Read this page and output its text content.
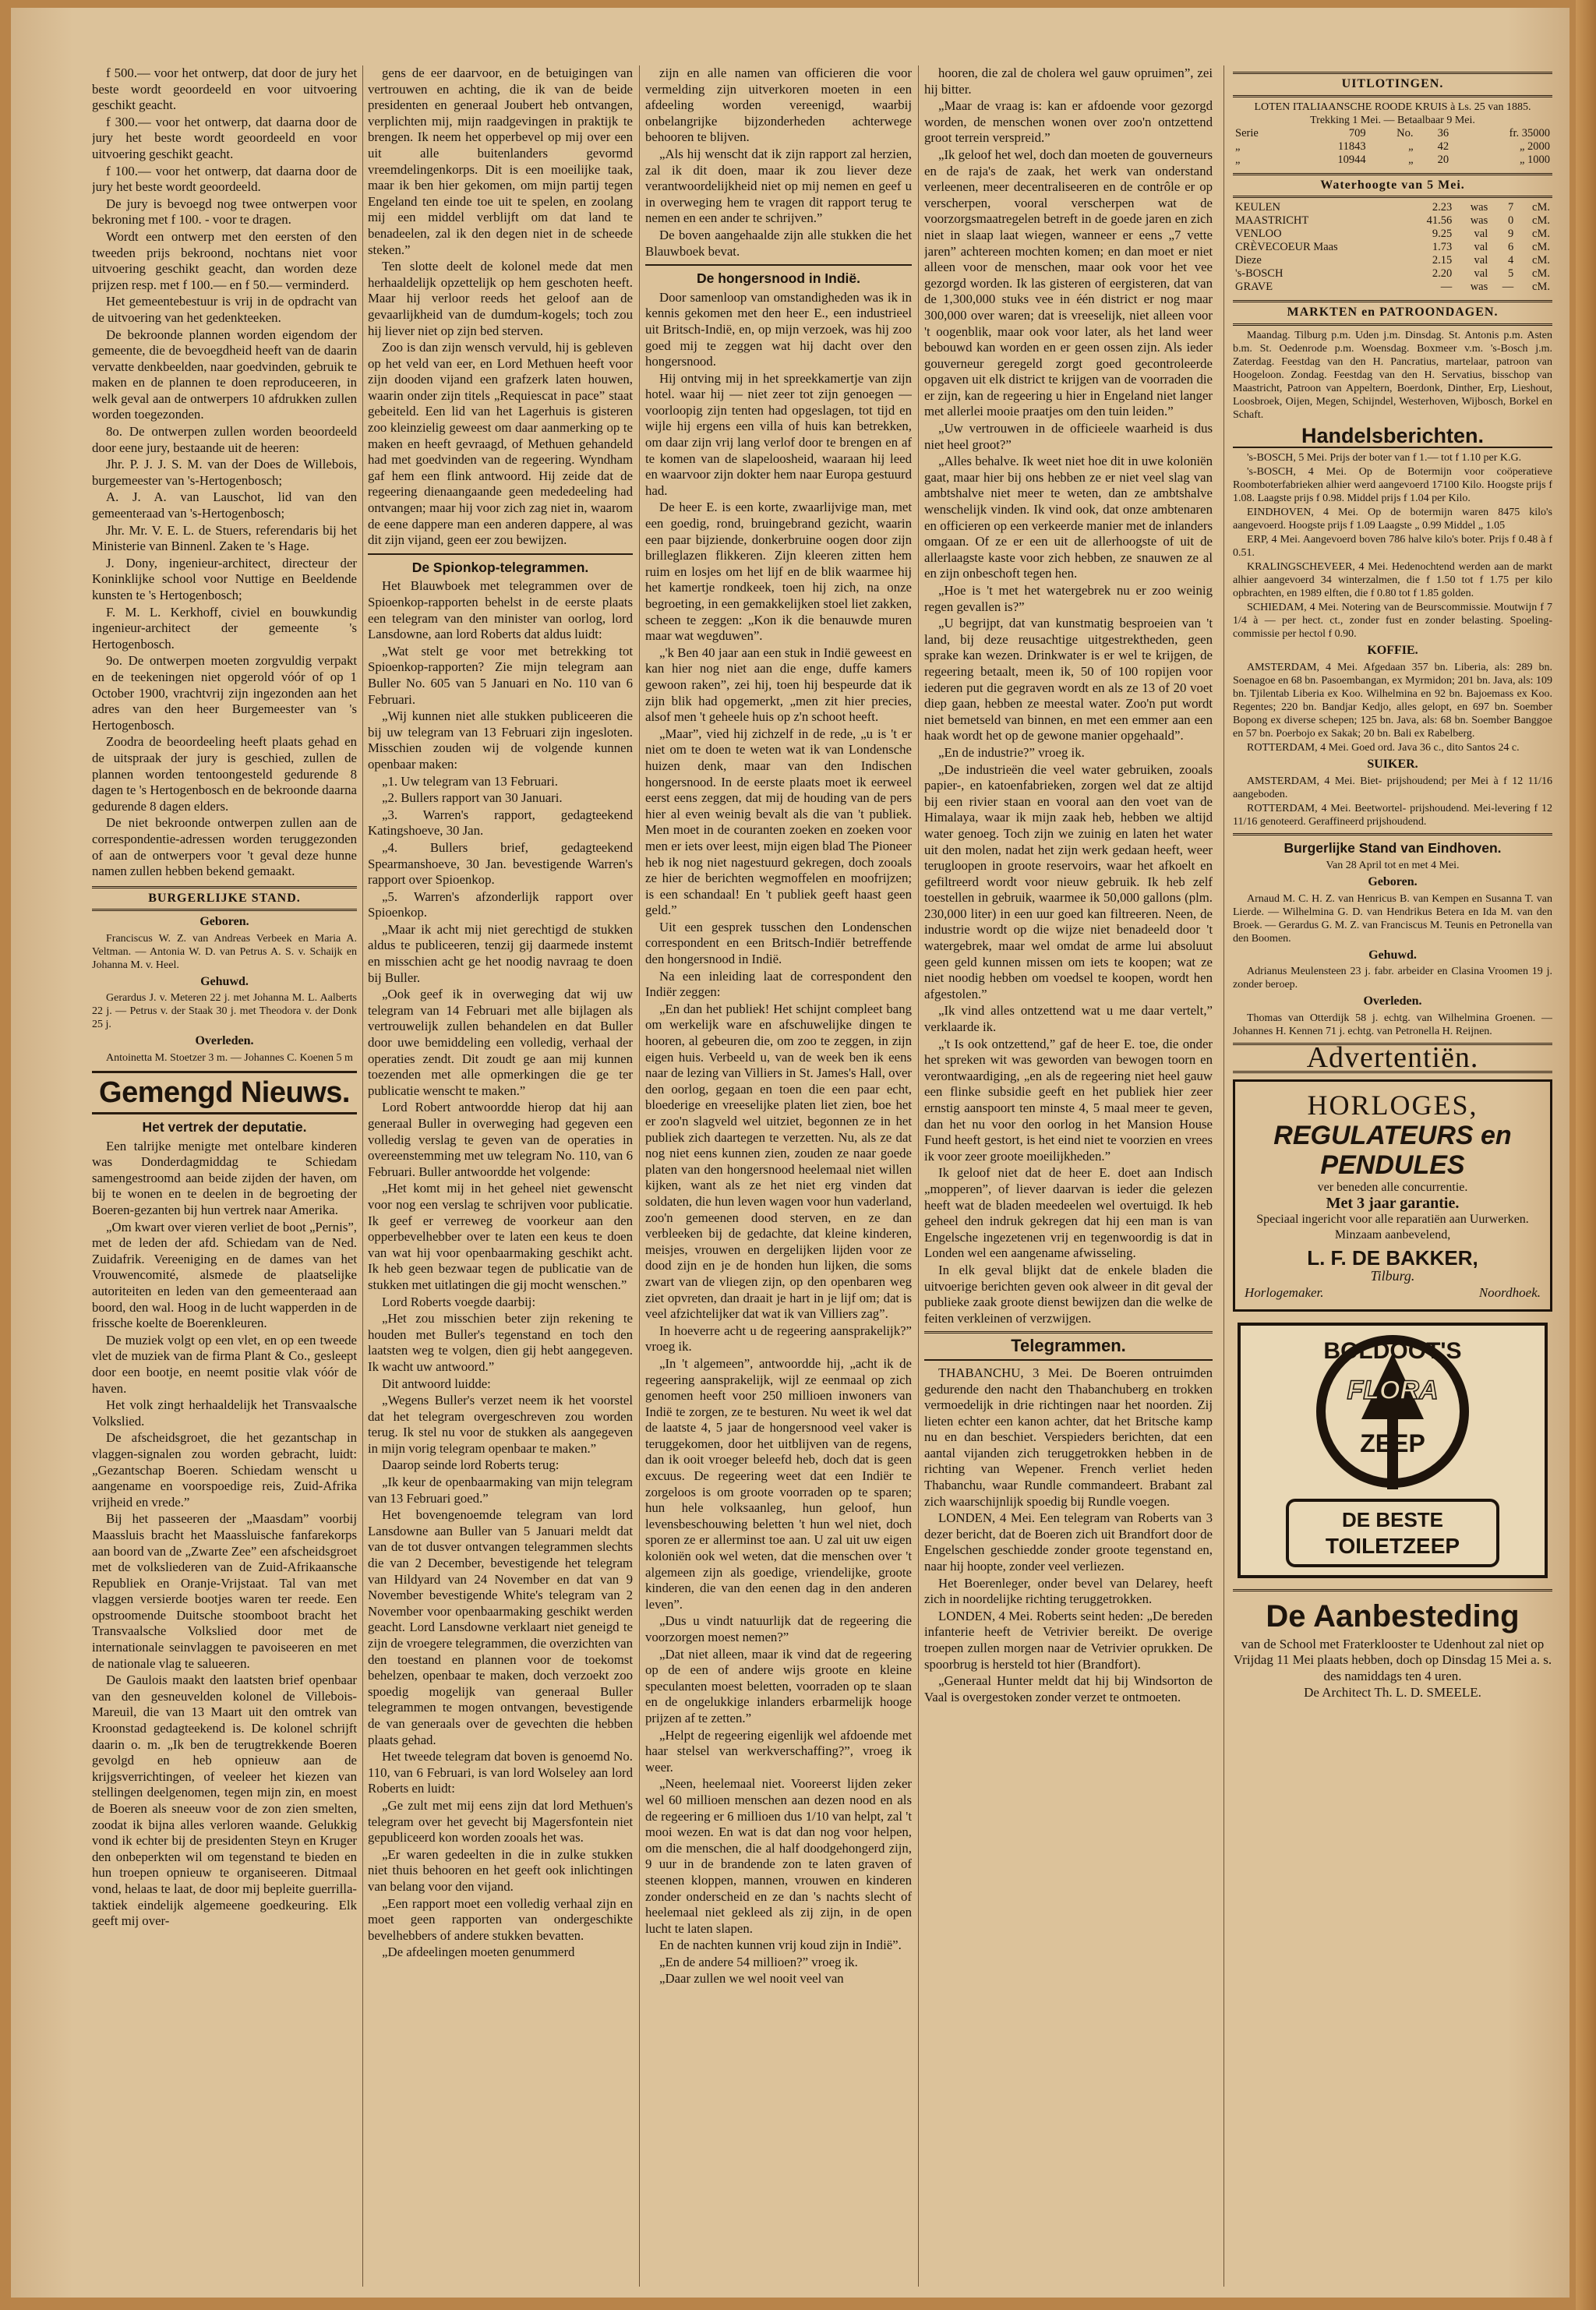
f 500.— voor het ontwerp, dat door de jury het beste wordt geoordeeld en voor uitvoering geschikt geacht.

f 300.— voor het ontwerp, dat daarna door de jury het beste wordt geoordeeld en voor uitvoering geschikt geacht.

f 100.— voor het ontwerp, dat daarna door de jury het beste wordt geoordeeld.

De jury is bevoegd nog twee ontwerpen voor bekroning met f 100. - voor te dragen.

Wordt een ontwerp met den eersten of den tweeden prijs bekroond, nochtans niet voor uitvoering geschikt geacht, dan worden deze prijzen resp. met f 100.— en f 50.— verminderd.

Het gemeentebestuur is vrij in de opdracht van de uitvoering van het gedenkteeken.

De bekroonde plannen worden eigendom der gemeente, die de bevoegdheid heeft van de daarin vervatte denkbeelden, naar goedvinden, gebruik te maken en de plannen te doen reproduceeren, in welk geval aan de ontwerpers 10 afdrukken zullen worden toegezonden.

8o. De ontwerpen zullen worden beoordeeld door eene jury, bestaande uit de heeren:

Jhr. P. J. J. S. M. van der Does de Willebois, burgemeester van 's-Hertogenbosch;

A. J. A. van Lauschot, lid van den gemeenteraad van 's-Hertogenbosch;

Jhr. Mr. V. E. L. de Stuers, referendaris bij het Ministerie van Binnenl. Zaken te 's Hage.

J. Dony, ingenieur-architect, directeur der Koninklijke school voor Nuttige en Beeldende kunsten te 's Hertogenbosch;

F. M. L. Kerkhoff, civiel en bouwkundig ingenieur-architect der gemeente 's Hertogenbosch.

9o. De ontwerpen moeten zorgvuldig verpakt en de teekeningen niet opgerold vóór of op 1 October 1900, vrachtvrij zijn ingezonden aan het adres van den heer Burgemeester van 's Hertogenbosch.

Zoodra de beoordeeling heeft plaats gehad en de uitspraak der jury is geschied, zullen de plannen worden tentoongesteld gedurende 8 dagen te 's Hertogenbosch en de bekroonde daarna gedurende 8 dagen elders.

De niet bekroonde ontwerpen zullen aan de correspondentie-adressen worden teruggezonden of aan de ontwerpers voor 't geval deze hunne namen zullen hebben bekend gemaakt.

BURGERLIJKE STAND.
Geboren.

Franciscus W. Z. van Andreas Verbeek en Maria A. Veltman. — Antonia W. D. van Petrus A. S. v. Schaijk en Johanna M. v. Heel.

Gehuwd.

Gerardus J. v. Meteren 22 j. met Johanna M. L. Aalberts 22 j. — Petrus v. der Staak 30 j. met Theodora v. der Donk 25 j.

Overleden.

Antoinetta M. Stoetzer 3 m. — Johannes C. Koenen 5 m

Gemengd Nieuws.
Het vertrek der deputatie.

Een talrijke menigte met ontelbare kinderen was Donderdagmiddag te Schiedam samengestroomd aan beide zijden der haven, om bij te wonen en te deelen in de begroeting der Boeren-gezanten bij hun vertrek naar Amerika.

„Om kwart over vieren verliet de boot „Pernis”, met de leden der afd. Schiedam van de Ned. Zuidafrik. Vereeniging en de dames van het Vrouwencomité, alsmede de plaatselijke autoriteiten en leden van den gemeenteraad aan boord, den wal. Hoog in de lucht wapperden in de frissche koelte de Boerenkleuren.

De muziek volgt op een vlet, en op een tweede vlet de muziek van de firma Plant & Co., gesleept door een bootje, en neemt positie vlak vóór de haven.

Het volk zingt herhaaldelijk het Transvaalsche Volkslied.

De afscheidsgroet, die het gezantschap in vlaggen-signalen zou worden gebracht, luidt: „Gezantschap Boeren. Schiedam wenscht u aangename en voorspoedige reis, Zuid-Afrika vrijheid en vrede.”

Bij het passeeren der „Maasdam” voorbij Maassluis bracht het Maassluische fanfarekorps aan boord van de „Zwarte Zee” een afscheidsgroet met de volksliederen van de Zuid-Afrikaansche Republiek en Oranje-Vrijstaat. Tal van met vlaggen versierde bootjes waren ter reede. Een opstroomende Duitsche stoomboot bracht het Transvaalsche Volkslied door met de internationale seinvlaggen te pavoiseeren en met de nationale vlag te salueeren.

De Gaulois maakt den laatsten brief openbaar van den gesneuvelden kolonel de Villebois-Mareuil, die van 13 Maart uit den omtrek van Kroonstad gedagteekend is. De kolonel schrijft daarin o. m. „Ik ben de terugtrekkende Boeren gevolgd en heb opnieuw aan de krijgsverrichtingen, of veeleer het kiezen van stellingen deelgenomen, tegen mijn zin, en moest de Boeren als sneeuw voor de zon zien smelten, zoodat ik bijna alles verloren waande. Gelukkig vond ik echter bij de presidenten Steyn en Kruger den onbeperkten wil om tegenstand te bieden en hun troepen opnieuw te organiseeren. Ditmaal vond, helaas te laat, de door mij bepleite guerrilla-taktiek eindelijk algemeene goedkeuring. Elk geeft mij over-

gens de eer daarvoor, en de betuigingen van vertrouwen en achting, die ik van de beide presidenten en generaal Joubert heb ontvangen, verplichten mij, mijn raadgevingen in praktijk te brengen. Ik neem het opperbevel op mij over een uit alle buitenlanders gevormd vreemdelingenkorps. Dit is een moeilijke taak, maar ik ben hier gekomen, om mijn partij tegen Engeland ten einde toe uit te spelen, en zoolang mij een middel verblijft om dat land te benadeelen, zal ik den degen niet in de scheede steken.”

Ten slotte deelt de kolonel mede dat men herhaaldelijk opzettelijk op hem geschoten heeft. Maar hij verloor reeds het geloof aan de gevaarlijkheid van de dumdum-kogels; toch zou hij liever niet op zijn bed sterven.

Zoo is dan zijn wensch vervuld, hij is gebleven op het veld van eer, en Lord Methuen heeft voor zijn dooden vijand een grafzerk laten houwen, waarin onder zijn titels „Requiescat in pace” staat gebeiteld. Een lid van het Lagerhuis is gisteren zoo kleinzielig geweest om daar aanmerking op te maken en heeft gevraagd, of Methuen gehandeld had met goedvinden van de regeering. Wyndham gaf hem een flink antwoord. Hij zeide dat de regeering dienaangaande geen mededeeling had ontvangen; maar hij voor zich zag niet in, waarom de eene dappere man een anderen dappere, al was dit zijn vijand, geen eer zou bewijzen.

De Spionkop-telegrammen.

Het Blauwboek met telegrammen over de Spioenkop-rapporten behelst in de eerste plaats een telegram van den minister van oorlog, lord Lansdowne, aan lord Roberts dat aldus luidt:

„Wat stelt ge voor met betrekking tot Spioenkop-rapporten? Zie mijn telegram aan Buller No. 605 van 5 Januari en No. 110 van 6 Februari.

„Wij kunnen niet alle stukken publiceeren die bij uw telegram van 13 Februari zijn ingesloten. Misschien zouden wij de volgende kunnen openbaar maken:

„1. Uw telegram van 13 Februari.

„2. Bullers rapport van 30 Januari.

„3. Warren's rapport, gedagteekend Katingshoeve, 30 Jan.

„4. Bullers brief, gedagteekend Spearmanshoeve, 30 Jan. bevestigende Warren's rapport over Spioenkop.

„5. Warren's afzonderlijk rapport over Spioenkop.

„Maar ik acht mij niet gerechtigd de stukken aldus te publiceeren, tenzij gij daarmede instemt en misschien acht ge het noodig navraag te doen bij Buller.

„Ook geef ik in overweging dat wij uw telegram van 14 Februari met alle bijlagen als vertrouwelijk zullen behandelen en dat Buller door uwe bemiddeling een volledig, verhaal der operaties zendt. Dit zoudt ge aan mij kunnen toezenden met alle opmerkingen die ge ter publicatie wenscht te maken.”

Lord Robert antwoordde hierop dat hij aan generaal Buller in overweging had gegeven een volledig verslag te geven van de operaties in overeenstemming met uw telegram No. 110, van 6 Februari. Buller antwoordde het volgende:

„Het komt mij in het geheel niet gewenscht voor nog een verslag te schrijven voor publicatie. Ik geef er verreweg de voorkeur aan den opperbevelhebber over te laten een keus te doen van wat hij voor openbaarmaking geschikt acht. Ik heb geen bezwaar tegen de publicatie van de stukken met uitlatingen die gij mocht wenschen.”

Lord Roberts voegde daarbij:

„Het zou misschien beter zijn rekening te houden met Buller's tegenstand en toch den laatsten weg te volgen, dien gij hebt aangegeven. Ik wacht uw antwoord.”

Dit antwoord luidde:

„Wegens Buller's verzet neem ik het voorstel dat het telegram overgeschreven zou worden terug. Ik stel nu voor de stukken als aangegeven in mijn vorig telegram openbaar te maken.”

Daarop seinde lord Roberts terug:

„Ik keur de openbaarmaking van mijn telegram van 13 Februari goed.”

Het bovengenoemde telegram van lord Lansdowne aan Buller van 5 Januari meldt dat van de tot dusver ontvangen telegrammen slechts die van 2 December, bevestigende het telegram van Hildyard van 24 November en dat van 9 November bevestigende White's telegram van 2 November voor openbaarmaking geschikt werden geacht. Lord Lansdowne verklaart niet geneigd te zijn de vroegere telegrammen, die overzichten van den toestand en plannen voor de toekomst behelzen, openbaar te maken, doch verzoekt zoo spoedig mogelijk van generaal Buller telegrammen te mogen ontvangen, bevestigende de van generaals over de gevechten die hebben plaats gehad.

Het tweede telegram dat boven is genoemd No. 110, van 6 Februari, is van lord Wolseley aan lord Roberts en luidt:

„Ge zult met mij eens zijn dat lord Methuen's telegram over het gevecht bij Magersfontein niet gepubliceerd kon worden zooals het was.

„Er waren gedeelten in die in zulke stukken niet thuis behooren en het geeft ook inlichtingen van belang voor den vijand.

„Een rapport moet een volledig verhaal zijn en moet geen rapporten van ondergeschikte bevelhebbers of andere stukken bevatten.

„De afdeelingen moeten genummerd

zijn en alle namen van officieren die voor vermelding zijn uitverkoren moeten in een afdeeling worden vereenigd, waarbij onbelangrijke bijzonderheden achterwege behooren te blijven.

„Als hij wenscht dat ik zijn rapport zal herzien, zal ik dit doen, maar ik zou liever deze verantwoordelijkheid niet op mij nemen en geef u in overweging hem te vragen dit rapport terug te nemen en een ander te schrijven.”

De boven aangehaalde zijn alle stukken die het Blauwboek bevat.

De hongersnood in Indië.

Door samenloop van omstandigheden was ik in kennis gekomen met den heer E., een industrieel uit Britsch-Indië, en, op mijn verzoek, was hij zoo goed mij te zeggen wat hij dacht over den hongersnood.

Hij ontving mij in het spreekkamertje van zijn hotel. waar hij — niet zeer tot zijn genoegen — voorloopig zijn tenten had opgeslagen, tot tijd en wijle hij ergens een villa of huis kan betrekken, om daar zijn vrij lang verlof door te brengen en af te komen van de slapeloosheid, waaraan hij leed en waarvoor zijn dokter hem naar Europa gestuurd had.

De heer E. is een korte, zwaarlijvige man, met een goedig, rond, bruingebrand gezicht, waarin een paar bijziende, donkerbruine oogen door zijn brilleglazen flikkeren. Zijn kleeren zitten hem ruim en losjes om het lijf en de blik waarmee hij het kamertje rondkeek, toen hij zich, na onze begroeting, in een gemakkelijken stoel liet zakken, scheen te zeggen: „Kon ik die benauwde muren maar wat wegduwen”.

„'k Ben 40 jaar aan een stuk in Indië geweest en kan hier nog niet aan die enge, duffe kamers gewoon raken”, zei hij, toen hij bespeurde dat ik zijn blik had opgemerkt, „men zit hier precies, alsof men 't geheele huis op z'n schoot heeft.

„Maar”, vied hij zichzelf in de rede, „u is 't er niet om te doen te weten wat ik van Londensche huizen denk, maar van den Indischen hongersnood. In de eerste plaats moet ik eerweel eerst eens zeggen, dat mij de houding van de pers hier al even weinig bevalt als die van 't publiek. Men moet in de couranten zoeken en zoeken voor men er iets over leest, mijn eigen blad The Pioneer heb ik nog niet nagestuurd gekregen, doch zooals ze hier de berichten wegmoffelen en moofrijzen; is een schandaal! En 't publiek geeft haast geen geld.”

Uit een gesprek tusschen den Londenschen correspondent en een Britsch-Indiër betreffende den hongersnood in Indië.

Na een inleiding laat de correspondent den Indiër zeggen:

„En dan het publiek! Het schijnt compleet bang om werkelijk ware en afschuwelijke dingen te hooren, al gebeuren die, om zoo te zeggen, in zijn eigen huis. Verbeeld u, van de week ben ik eens naar de lezing van Villiers in St. James's Hall, over den oorlog, gegaan en toen die een paar echt, bloederige en vreeselijke platen liet zien, boe het er zoo'n slagveld wel uitziet, begonnen ze in het publiek zich daartegen te verzetten. Nu, als ze dat nog niet eens kunnen zien, zouden ze naar goede platen van den hongersnood heelemaal niet willen kijken, want als ze het niet erg vinden dat soldaten, die hun leven wagen voor hun vaderland, zoo'n gemeenen dood sterven, en ze dan verbleeken bij de gedachte, dat kleine kinderen, meisjes, vrouwen en dergelijken lijden voor ze dood zijn en je de honden hun lijken, die soms zwart van de vliegen zijn, op den openbaren weg ziet opvreten, dan draait je hart in je lijf om; dat is veel afzichtelijker dat wat ik van Villiers zag”.

In hoeverre acht u de regeering aansprakelijk?” vroeg ik.

„In 't algemeen”, antwoordde hij, „acht ik de regeering aansprakelijk, wijl ze eenmaal op zich genomen heeft voor 250 millioen inwoners van Indië te zorgen, ze te besturen. Nu weet ik wel dat de laatste 4, 5 jaar de hongersnood veel vaker is teruggekomen, door het uitblijven van de regens, dan ik ooit vroeger beleefd heb, doch dat is geen excuus. De regeering weet dat een Indiër te zorgeloos is om groote voorraden op te sparen; hun hele volksaanleg, hun geloof, hun levensbeschouwing beletten 't hun wel niet, doch sporen ze er allerminst toe aan. U zal uit uw eigen koloniën ook wel weten, dat die menschen over 't algemeen zijn als goedige, vriendelijke, groote kinderen, die van den eenen dag in den anderen leven”.

„Dus u vindt natuurlijk dat de regeering die voorzorgen moest nemen?”

„Dat niet alleen, maar ik vind dat de regeering op de een of andere wijs groote en kleine speculanten moest beletten, voorraden op te slaan en de ongelukkige inlanders erbarmelijk hooge prijzen af te zetten.”

„Helpt de regeering eigenlijk wel afdoende met haar stelsel van werkverschaffing?”, vroeg ik weer.

„Neen, heelemaal niet. Vooreerst lijden zeker wel 60 millioen menschen aan dezen nood en als de regeering er 6 millioen dus 1/10 van helpt, zal 't mooi wezen. En wat is dat dan nog voor helpen, om die menschen, die al half doodgehongerd zijn, 9 uur in de brandende zon te laten graven of steenen kloppen, mannen, vrouwen en kinderen zonder onderscheid en ze dan 's nachts slecht of heelemaal niet gekleed als zij zijn, in de open lucht te laten slapen.

En de nachten kunnen vrij koud zijn in Indië”.

„En de andere 54 millioen?” vroeg ik.

„Daar zullen we wel nooit veel van

hooren, die zal de cholera wel gauw opruimen”, zei hij bitter.

„Maar de vraag is: kan er afdoende voor gezorgd worden, de menschen wonen over zoo'n ontzettend groot terrein verspreid.”

„Ik geloof het wel, doch dan moeten de gouverneurs en de raja's de zaak, het werk van onderstand verleenen, meer decentraliseeren en de contrôle er op verscherpen, vooral verscherpen wat de voorzorgsmaatregelen betreft in de goede jaren en zich niet in slaap laat wiegen, wanneer er eens „7 vette jaren” achtereen mochten komen; en dan moet er niet alleen voor de menschen, maar ook voor het vee gezorgd worden. Ik las gisteren of eergisteren, dat van de 1,300,000 stuks vee in één district er nog maar 300,000 over waren; dat is vreeselijk, niet alleen voor 't oogenblik, maar ook voor later, als het land weer bebouwd kan worden en er geen ossen zijn. Als ieder gouverneur geregeld zorgt goed gecontroleerde opgaven uit elk district te krijgen van de voorraden die er zijn, kan de regeering u hier in Engeland niet langer met allerlei mooie praatjes om den tuin leiden.”

„Uw vertrouwen in de officieele waarheid is dus niet heel groot?”

„Alles behalve. Ik weet niet hoe dit in uwe koloniën gaat, maar hier bij ons hebben ze er niet veel slag van ambtshalve niet meer te weten, dan ze ambtshalve wenschelijk vinden. Ik vind ook, dat onze ambtenaren en officieren op een verkeerde manier met de inlanders omgaan. Of ze er een uit de allerhoogste of uit de allerlaagste kaste voor zich hebben, ze snauwen ze al en zijn onbeschoft tegen hen.

„Hoe is 't met het watergebrek nu er zoo weinig regen gevallen is?”

„U begrijpt, dat van kunstmatig besproeien van 't land, bij deze reusachtige uitgestrektheden, geen sprake kan wezen. Drinkwater is er wel te krijgen, de regeering betaalt, meen ik, 50 of 100 ropijen voor iederen put die gegraven wordt en als ze 13 of 20 voet diep gaan, hebben ze meestal water. Zoo'n put wordt niet bemetseld van binnen, en met een emmer aan een haak wordt het op de gewone manier opgehaald”.

„En de industrie?” vroeg ik.

„De industrieën die veel water gebruiken, zooals papier-, en katoenfabrieken, zorgen wel dat ze altijd bij een rivier staan en vooral aan den voet van de Himalaya, waar ik mijn zaak heb, hebben we altijd water genoeg. Toch zijn we zuinig en laten het water uit den molen, nadat het zijn werk gedaan heeft, weer terugloopen in groote reservoirs, waar het afkoelt en gefiltreerd wordt voor nieuw gebruik. Ik heb zelf toestellen in gebruik, waarmee ik 50,000 gallons (plm. 230,000 liter) in een uur goed kan filtreeren. Neen, de industrie wordt op die wijze niet benadeeld door 't watergebrek, maar wel omdat de arme lui absoluut geen geld kunnen missen om iets te koopen; wat ze niet noodig hebben om voedsel te koopen, wordt hen afgestolen.”

„Ik vind alles ontzettend wat u me daar vertelt,” verklaarde ik.

„'t Is ook ontzettend,” gaf de heer E. toe, die onder het spreken wit was geworden van bewogen toorn en verontwaardiging, „en als de regeering niet heel gauw een flinke subsidie geeft en het publiek hier zeer ernstig aanspoort ten minste 4, 5 maal meer te geven, dan het nu voor den oorlog in het Mansion House Fund heeft gestort, is het eind niet te voorzien en vrees ik voor zeer groote moeilijkheden.”

Ik geloof niet dat de heer E. doet aan Indisch „mopperen”, of liever daarvan is ieder die gelezen heeft wat de bladen meedeelen wel overtuigd. Ik heb geheel den indruk gekregen dat hij een man is van Engelsche ingezetenen vrij en tegenwoordig is dat in Londen wel een aangename afwisseling.

In elk geval blijkt dat de enkele bladen die uitvoerige berichten geven ook alweer in dit geval der publieke zaak groote dienst bewijzen dan die welke de feiten verkleinen of verzwijgen.

Telegrammen.

THABANCHU, 3 Mei. De Boeren ontruimden gedurende den nacht den Thabanchuberg en trokken vermoedelijk in drie richtingen naar het noorden. Zij lieten echter een kanon achter, dat het Britsche kamp nu en dan beschiet. Verspieders berichten, dat een aantal vijanden zich teruggetrokken hebben in de richting van Wepener. French verliet heden Thabanchu, waar Rundle commandeert. Brabant zal zich waarschijnlijk spoedig bij Rundle voegen.

LONDEN, 4 Mei. Een telegram van Roberts van 3 dezer bericht, dat de Boeren zich uit Brandfort door de Engelschen geschiedde zonder groote tegenstand en, naar hij hoopte, zonder veel verliezen.

Het Boerenleger, onder bevel van Delarey, heeft zich in noordelijke richting teruggetrokken.

LONDEN, 4 Mei. Roberts seint heden: „De bereden infanterie heeft de Vetrivier bereikt. De overige troepen zullen morgen naar de Vetrivier oprukken. De spoorbrug is hersteld tot hier (Brandfort).

„Generaal Hunter meldt dat hij bij Windsorton de Vaal is overgestoken zonder verzet te ontmoeten.

UITLOTINGEN.
LOTEN ITALIAANSCHE ROODE KRUIS à Ls. 25 van 1885.
Trekking 1 Mei. — Betaalbaar 9 Mei.
Serie	709	No.	36	fr. 35000
„	11843	„	42	„ 2000
„	10944	„	20	„ 1000
Waterhoogte van 5 Mei.
KEULEN	2.23	was	7	cM.
MAASTRICHT	41.56	was	0	cM.
VENLOO	9.25	val	9	cM.
CRÈVECOEUR Maas	1.73	val	6	cM.
Dieze	2.15	val	4	cM.
's-BOSCH	2.20	val	5	cM.
GRAVE	—	was	—	cM.
MARKTEN en PATROONDAGEN.

Maandag. Tilburg p.m. Uden j.m. Dinsdag. St. Antonis p.m. Asten b.m. St. Oedenrode p.m. Woensdag. Boxmeer v.m. 's-Bosch j.m. Zaterdag. Feestdag van den H. Pancratius, martelaar, patroon van Hoogeloon. Zondag. Feestdag van den H. Servatius, bisschop van Maastricht, Patroon van Appeltern, Boerdonk, Dinther, Erp, Lieshout, Loosbroek, Oijen, Megen, Schijndel, Westerhoven, Wijbosch, Borkel en Schaft.

Handelsberichten.

's-BOSCH, 5 Mei. Prijs der boter van f 1.— tot f 1.10 per K.G.

's-BOSCH, 4 Mei. Op de Botermijn voor coöperatieve Roomboterfabrieken alhier werd aangevoerd 17100 Kilo. Hoogste prijs f 1.08. Laagste prijs f 0.98. Middel prijs f 1.04 per Kilo.

EINDHOVEN, 4 Mei. Op de botermijn waren 8475 kilo's aangevoerd. Hoogste prijs f 1.09 Laagste „ 0.99 Middel „ 1.05

ERP, 4 Mei. Aangevoerd boven 786 halve kilo's boter. Prijs f 0.48 à f 0.51.

KRALINGSCHEVEER, 4 Mei. Hedenochtend werden aan de markt alhier aangevoerd 34 winterzalmen, die f 1.50 tot f 1.75 per kilo opbrachten, en 1989 elften, die f 0.80 tot f 1.85 golden.

SCHIEDAM, 4 Mei. Notering van de Beurscommissie. Moutwijn f 7 1/4 à — per hect. ct., zonder fust en zonder belasting. Spoeling-commissie per hectol f 0.90.

KOFFIE.

AMSTERDAM, 4 Mei. Afgedaan 357 bn. Liberia, als: 289 bn. Soenagoe en 68 bn. Pasoembangan, ex Myrmidon; 201 bn. Java, als: 109 bn. Tjilentab Liberia ex Koo. Wilhelmina en 92 bn. Bajoemass ex Koo. Regentes; 220 bn. Bandjar Kedjo, alles gelopt, en 697 bn. Soember Bopong ex diverse schepen; 125 bn. Java, als: 68 bn. Soember Banggoe en 57 bn. Poerbojo ex Sakak; 20 bn. Bali ex Rabelberg.

ROTTERDAM, 4 Mei. Goed ord. Java 36 c., dito Santos 24 c.

SUIKER.

AMSTERDAM, 4 Mei. Biet- prijshoudend; per Mei à f 12 11/16 aangeboden.

ROTTERDAM, 4 Mei. Beetwortel- prijshoudend. Mei-levering f 12 11/16 genoteerd. Geraffineerd prijshoudend.

Burgerlijke Stand van Eindhoven.
Van 28 April tot en met 4 Mei.
Geboren.

Arnaud M. C. H. Z. van Henricus B. van Kempen en Susanna T. van Lierde. — Wilhelmina G. D. van Hendrikus Betera en Ida M. van den Broek. — Gerardus G. M. Z. van Franciscus M. Teunis en Petronella van den Boomen.

Gehuwd.

Adrianus Meulensteen 23 j. fabr. arbeider en Clasina Vroomen 19 j. zonder beroep.

Overleden.

Thomas van Otterdijk 58 j. echtg. van Wilhelmina Groenen. — Johannes H. Kennen 71 j. echtg. van Petronella H. Reijnen.

Advertentiën.
HORLOGES,
REGULATEURS en PENDULES
ver beneden alle concurrentie.
Met 3 jaar garantie.
Speciaal ingericht voor alle reparatiën aan Uurwerken.
Minzaam aanbevelend,
L. F. DE BAKKER,
Tilburg.
Horlogemaker.	Noordhoek.
BOLDOOT'S
FLORA
ZEEP
DE BESTE
TOILETZEEP
De Aanbesteding

van de School met Fraterklooster te Udenhout zal niet op Vrijdag 11 Mei plaats hebben, doch op Dinsdag 15 Mei a. s. des namiddags ten 4 uren.

De Architect Th. L. D. SMEELE.
